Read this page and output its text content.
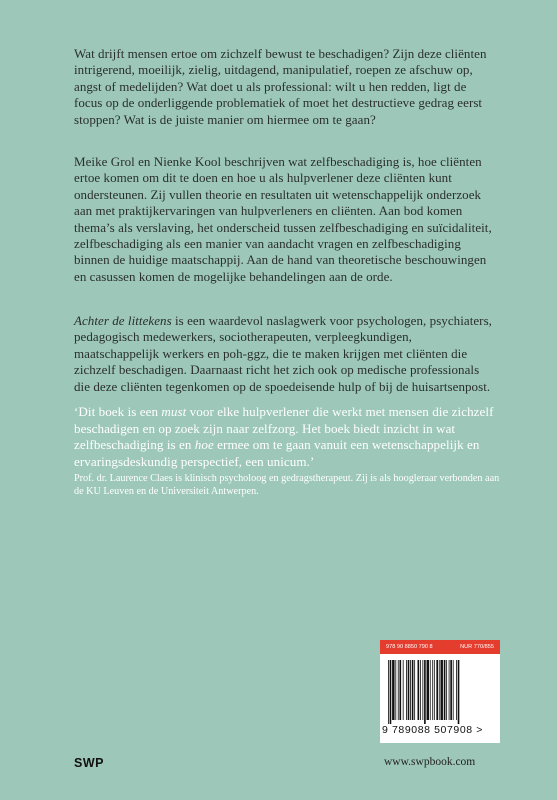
Wat drijft mensen ertoe om zichzelf bewust te beschadigen? Zijn deze cliënten intrigerend, moeilijk, zielig, uitdagend, manipulatief, roepen ze afschuw op, angst of medelijden? Wat doet u als professional: wilt u hen redden, ligt de focus op de onderliggende problematiek of moet het destructieve gedrag eerst stoppen? Wat is de juiste manier om hiermee om te gaan?

Meike Grol en Nienke Kool beschrijven wat zelfbeschadiging is, hoe cliënten ertoe komen om dit te doen en hoe u als hulpverlener deze cliënten kunt ondersteunen. Zij vullen theorie en resultaten uit wetenschappelijk onderzoek aan met praktijkervaringen van hulpverleners en cliënten. Aan bod komen thema’s als verslaving, het onderscheid tussen zelfbeschadiging en suïcidaliteit, zelfbeschadiging als een manier van aandacht vragen en zelfbeschadiging binnen de huidige maatschappij. Aan de hand van theoretische beschouwingen en casussen komen de mogelijke behandelingen aan de orde.

Achter de littekens is een waardevol naslagwerk voor psychologen, psychiaters, pedagogisch medewerkers, sociotherapeuten, verpleegkundigen, maatschappelijk werkers en poh-ggz, die te maken krijgen met cliënten die zichzelf beschadigen. Daarnaast richt het zich ook op medische professionals die deze cliënten tegenkomen op de spoedeisende hulp of bij de huisartsenpost.

‘Dit boek is een must voor elke hulpverlener die werkt met mensen die zichzelf beschadigen en op zoek zijn naar zelfzorg. Het boek biedt inzicht in wat zelfbeschadiging is en hoe ermee om te gaan vanuit een wetenschappelijk en ervaringsdeskundig perspectief, een unicum.’

Prof. dr. Laurence Claes is klinisch psycholoog en gedragstherapeut. Zij is als hoogleraar verbonden aan de KU Leuven en de Universiteit Antwerpen.

978 90 8850 790 8	NUR 770/855
9 789088 507908 >
SWP	www.swpbook.com
